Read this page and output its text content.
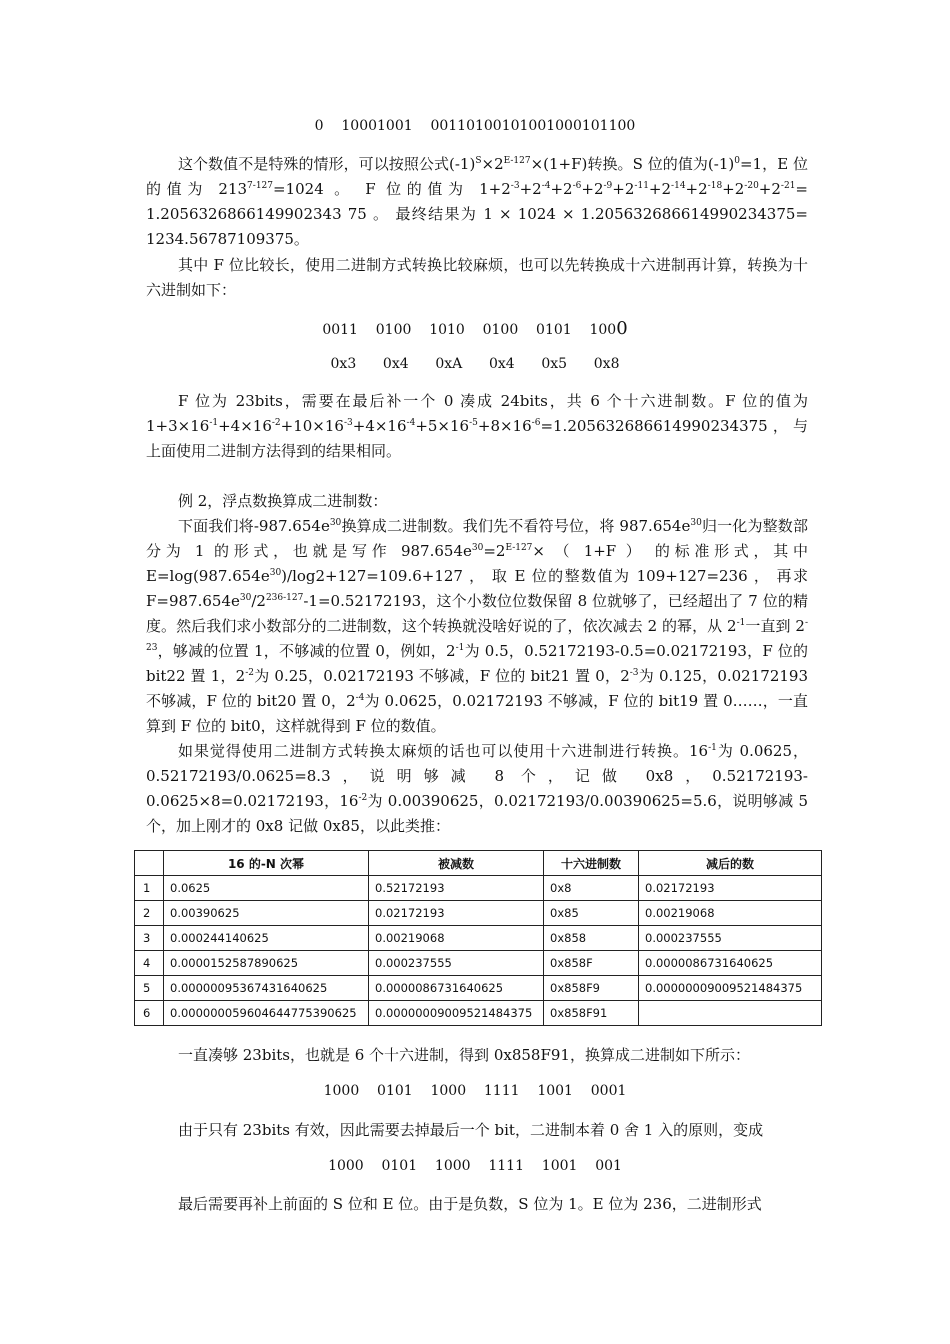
0    10001001    00110100101001000101100

这个数值不是特殊的情形，可以按照公式$(-1)^S\times 2^{E-127}\times(1+F)$转换。S 位的值为$(-1)^0=1$，E 位的值为 $213^{7-127}=1024$ 。 F 位的值为 $1+2^{-3}+2^{-4}+2^{-6}+2^{-9}+2^{-11}+2^{-14}+2^{-18}+2^{-20}+2^{-21}= 1.2056326866149902343$ 75 。 最终结果为 1 × 1024 × 1.205632686614990234375= 1234.56787109375。

其中 F 位比较长，使用二进制方式转换比较麻烦，也可以先转换成十六进制再计算，转换为十六进制如下：

0011    0100    1010    0100    0101    1000
0x3      0x4      0xA      0x4      0x5      0x8

F 位为 23bits，需要在最后补一个 0 凑成 24bits，共 6 个十六进制数。F 位的值为 $1+3\times 16^{-1}+4\times 16^{-2}+10\times 16^{-3}+4\times 16^{-4}+5\times 16^{-5}+8\times 16^{-6}=1.205632686614990234375$，与上面使用二进制方法得到的结果相同。

例 2，浮点数换算成二进制数：

下面我们将$-987.654e^{30}$换算成二进制数。我们先不看符号位，将 $987.654e^{30}$归一化为整数部分为 1 的形式，也就是写作 $987.654e^{30}=2^{E-127}\times$ （ 1+F ） 的标准形式，其中 $E=\log(987.654e^{30})/\log 2+127=109.6+127$ ， 取 E 位的整数值为 109+127=236 ， 再求 $F=987.654e^{30}/2^{236-127}-1=0.52172193$，这个小数位位数保留 8 位就够了，已经超出了 7 位的精度。然后我们求小数部分的二进制数，这个转换就没啥好说的了，依次减去 2 的幂，从 $2^{-1}$一直到 $2^{-23}$，够减的位置 1，不够减的位置 0，例如，$2^{-1}$为 0.5，0.52172193-0.5=0.02172193，F 位的 bit22 置 1，$2^{-2}$为 0.25，0.02172193 不够减，F 位的 bit21 置 0，$2^{-3}$为 0.125，0.02172193 不够减，F 位的 bit20 置 0，$2^{-4}$为 0.0625，0.02172193 不够减，F 位的 bit19 置 0……，一直算到 F 位的 bit0，这样就得到 F 位的数值。

如果觉得使用二进制方式转换太麻烦的话也可以使用十六进制进行转换。$16^{-1}$为 0.0625，0.52172193/0.0625=8.3，说明够减 8 个，记做 0x8，0.52172193-0.0625×8=0.02172193，$16^{-2}$为 0.00390625，0.02172193/0.00390625=5.6，说明够减 5 个，加上刚才的 0x8 记做 0x85，以此类推：

	16 的-N 次幂	被减数	十六进制数	减后的数
1	0.0625	0.52172193	0x8	0.02172193
2	0.00390625	0.02172193	0x85	0.00219068
3	0.000244140625	0.00219068	0x858	0.000237555
4	0.0000152587890625	0.000237555	0x858F	0.0000086731640625
5	0.00000095367431640625	0.0000086731640625	0x858F9	0.00000009009521484375
6	0.000000059604644775390625	0.00000009009521484375	0x858F91	

一直凑够 23bits，也就是 6 个十六进制，得到 0x858F91，换算成二进制如下所示：

1000    0101    1000    1111    1001    0001

由于只有 23bits 有效，因此需要去掉最后一个 bit，二进制本着 0 舍 1 入的原则，变成

1000    0101    1000    1111    1001    001

最后需要再补上前面的 S 位和 E 位。由于是负数，S 位为 1。E 位为 236，二进制形式
